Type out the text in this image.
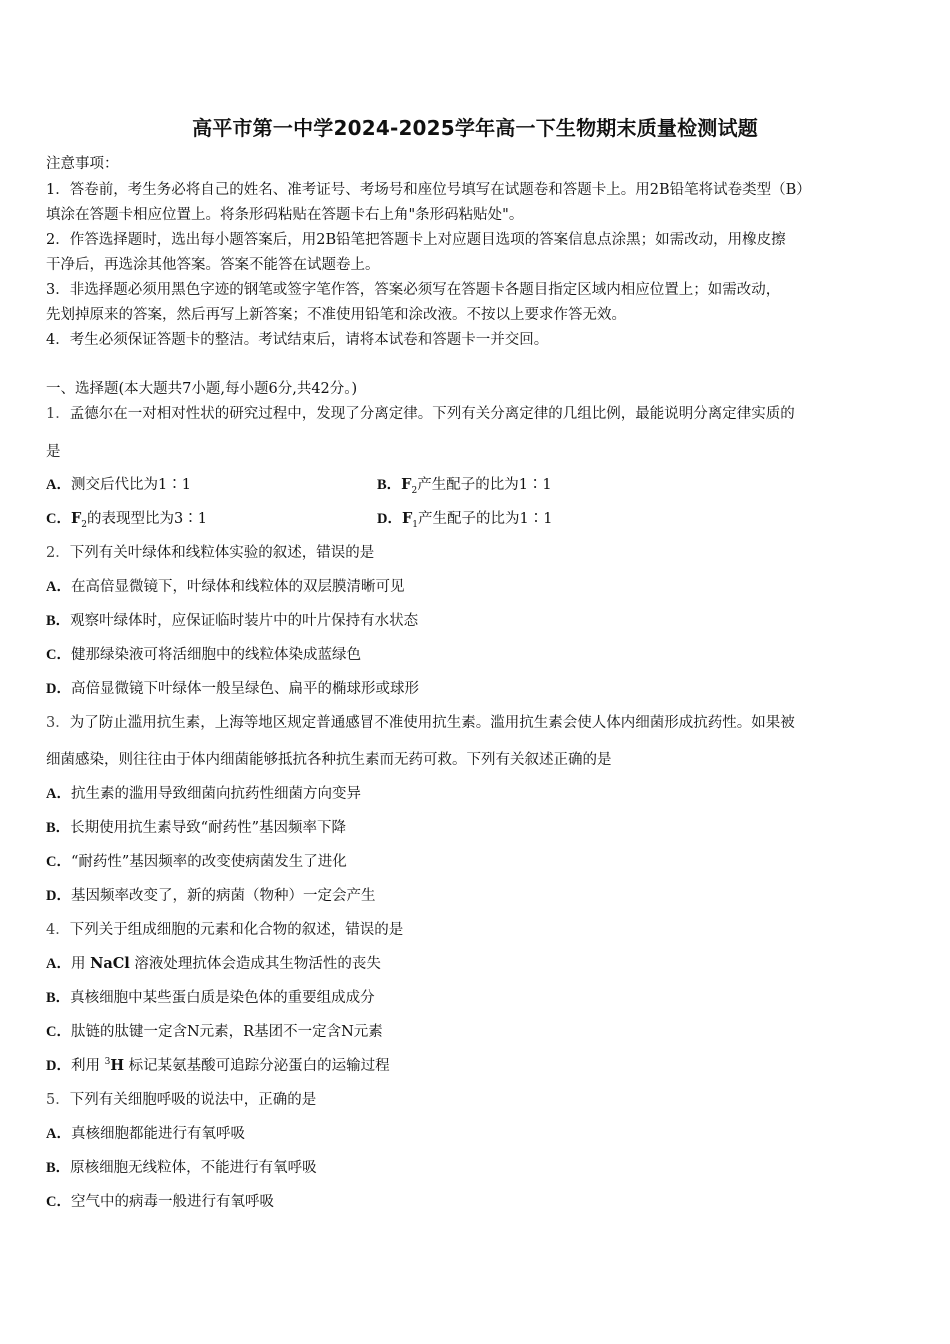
高平市第一中学2024-2025学年高一下生物期末质量检测试题
注意事项：
1．答卷前，考生务必将自己的姓名、准考证号、考场号和座位号填写在试题卷和答题卡上。用2B铅笔将试卷类型（B）
填涂在答题卡相应位置上。将条形码粘贴在答题卡右上角"条形码粘贴处"。
2．作答选择题时，选出每小题答案后，用2B铅笔把答题卡上对应题目选项的答案信息点涂黑；如需改动，用橡皮擦
干净后，再选涂其他答案。答案不能答在试题卷上。
3．非选择题必须用黑色字迹的钢笔或签字笔作答，答案必须写在答题卡各题目指定区域内相应位置上；如需改动，
先划掉原来的答案，然后再写上新答案；不准使用铅笔和涂改液。不按以上要求作答无效。
4．考生必须保证答题卡的整洁。考试结束后，请将本试卷和答题卡一并交回。
一、选择题(本大题共7小题,每小题6分,共42分。)
1．孟德尔在一对相对性状的研究过程中，发现了分离定律。下列有关分离定律的几组比例，最能说明分离定律实质的
是
A．测交后代比为1∶1	B．$F_2$产生配子的比为1∶1
C．$F_2$的表现型比为3∶1	D．$F_1$产生配子的比为1∶1
2．下列有关叶绿体和线粒体实验的叙述，错误的是
A．在高倍显微镜下，叶绿体和线粒体的双层膜清晰可见
B．观察叶绿体时，应保证临时装片中的叶片保持有水状态
C．健那绿染液可将活细胞中的线粒体染成蓝绿色
D．高倍显微镜下叶绿体一般呈绿色、扁平的椭球形或球形
3．为了防止滥用抗生素，上海等地区规定普通感冒不准使用抗生素。滥用抗生素会使人体内细菌形成抗药性。如果被
细菌感染，则往往由于体内细菌能够抵抗各种抗生素而无药可救。下列有关叙述正确的是
A．抗生素的滥用导致细菌向抗药性细菌方向变异
B．长期使用抗生素导致“耐药性”基因频率下降
C．“耐药性”基因频率的改变使病菌发生了进化
D．基因频率改变了，新的病菌（物种）一定会产生
4．下列关于组成细胞的元素和化合物的叙述，错误的是
A．用 NaCl 溶液处理抗体会造成其生物活性的丧失
B．真核细胞中某些蛋白质是染色体的重要组成成分
C．肽链的肽键一定含N元素，R基团不一定含N元素
D．利用 $^3$H 标记某氨基酸可追踪分泌蛋白的运输过程
5．下列有关细胞呼吸的说法中，正确的是
A．真核细胞都能进行有氧呼吸
B．原核细胞无线粒体，不能进行有氧呼吸
C．空气中的病毒一般进行有氧呼吸
